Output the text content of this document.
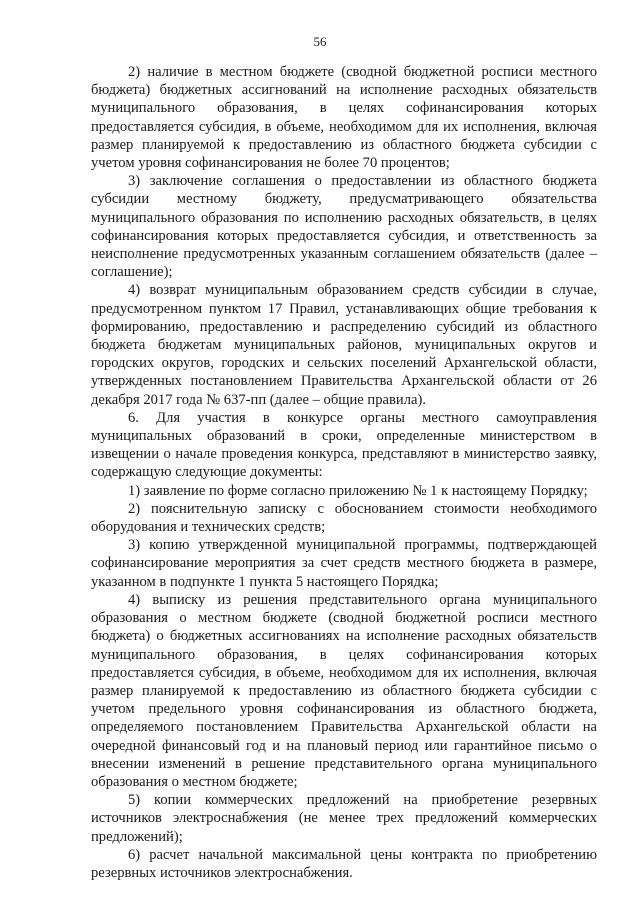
56

2) наличие в местном бюджете (сводной бюджетной росписи местного бюджета) бюджетных ассигнований на исполнение расходных обязательств муниципального образования, в целях софинансирования которых предоставляется субсидия, в объеме, необходимом для их исполнения, включая размер планируемой к предоставлению из областного бюджета субсидии с учетом уровня софинансирования не более 70 процентов;

3) заключение соглашения о предоставлении из областного бюджета субсидии местному бюджету, предусматривающего обязательства муниципального образования по исполнению расходных обязательств, в целях софинансирования которых предоставляется субсидия, и ответственность за неисполнение предусмотренных указанным соглашением обязательств (далее – соглашение);

4) возврат муниципальным образованием средств субсидии в случае, предусмотренном пунктом 17 Правил, устанавливающих общие требования к формированию, предоставлению и распределению субсидий из областного бюджета бюджетам муниципальных районов, муниципальных округов и городских округов, городских и сельских поселений Архангельской области, утвержденных постановлением Правительства Архангельской области от 26 декабря 2017 года № 637-пп (далее – общие правила).

6. Для участия в конкурсе органы местного самоуправления муниципальных образований в сроки, определенные министерством в извещении о начале проведения конкурса, представляют в министерство заявку, содержащую следующие документы:

1) заявление по форме согласно приложению № 1 к настоящему Порядку;

2) пояснительную записку с обоснованием стоимости необходимого оборудования и технических средств;

3) копию утвержденной муниципальной программы, подтверждающей софинансирование мероприятия за счет средств местного бюджета в размере, указанном в подпункте 1 пункта 5 настоящего Порядка;

4) выписку из решения представительного органа муниципального образования о местном бюджете (сводной бюджетной росписи местного бюджета) о бюджетных ассигнованиях на исполнение расходных обязательств муниципального образования, в целях софинансирования которых предоставляется субсидия, в объеме, необходимом для их исполнения, включая размер планируемой к предоставлению из областного бюджета субсидии с учетом предельного уровня софинансирования из областного бюджета, определяемого постановлением Правительства Архангельской области на очередной финансовый год и на плановый период или гарантийное письмо о внесении изменений в решение представительного органа муниципального образования о местном бюджете;

5) копии коммерческих предложений на приобретение резервных источников электроснабжения (не менее трех предложений коммерческих предложений);

6) расчет начальной максимальной цены контракта по приобретению резервных источников электроснабжения.
